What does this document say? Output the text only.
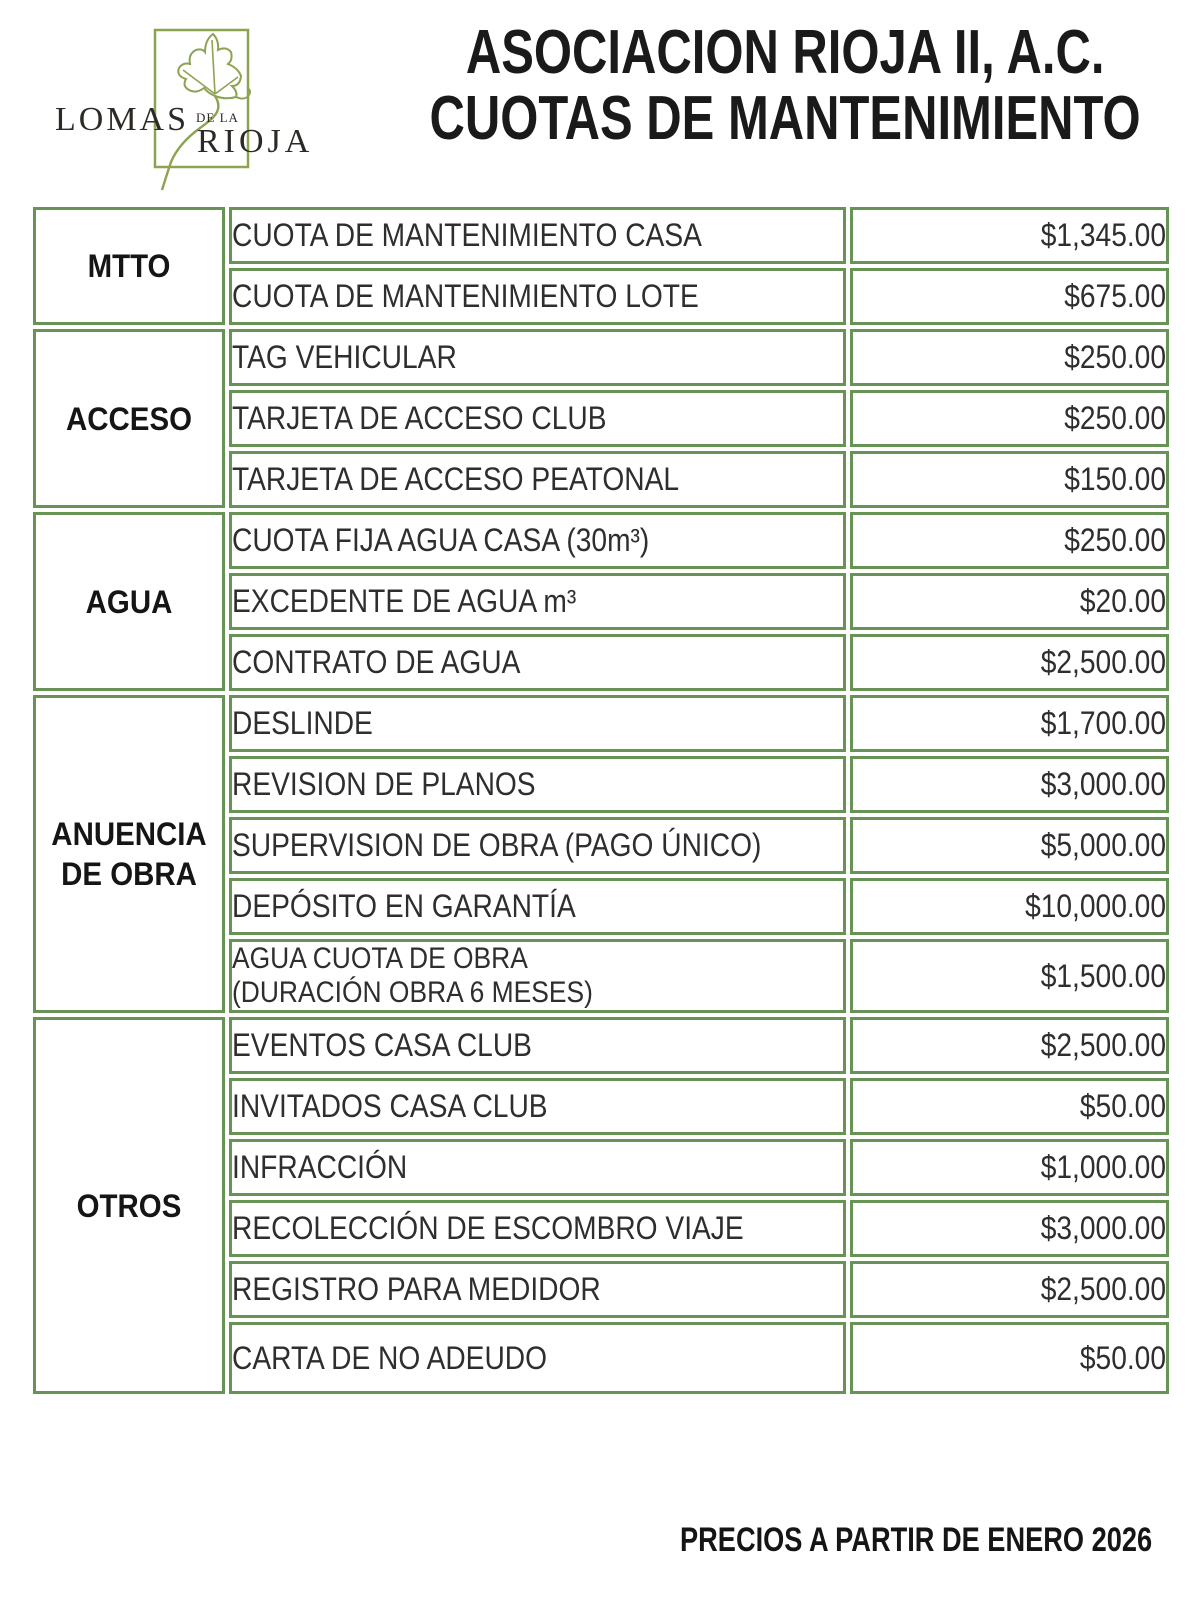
LOMAS DE LA
RIOJA
ASOCIACION RIOJA II, A.C.
CUOTAS DE MANTENIMIENTO
MTTO	CUOTA DE MANTENIMIENTO CASA	$1,345.00

	CUOTA DE MANTENIMIENTO LOTE	$675.00

ACCESO	TAG VEHICULAR	$250.00

	TARJETA DE ACCESO CLUB	$250.00

	TARJETA DE ACCESO PEATONAL	$150.00

AGUA	CUOTA FIJA AGUA CASA (30m³)	$250.00

	EXCEDENTE DE AGUA m³	$20.00

	CONTRATO DE AGUA	$2,500.00

ANUENCIA DE OBRA	DESLINDE	$1,700.00

	REVISION DE PLANOS	$3,000.00

	SUPERVISION DE OBRA (PAGO ÚNICO)	$5,000.00

	DEPÓSITO EN GARANTÍA	$10,000.00

	AGUA CUOTA DE OBRA
(DURACIÓN OBRA 6 MESES)	$1,500.00

OTROS	EVENTOS CASA CLUB	$2,500.00

	INVITADOS CASA CLUB	$50.00

	INFRACCIÓN	$1,000.00

	RECOLECCIÓN DE ESCOMBRO VIAJE	$3,000.00

	REGISTRO PARA MEDIDOR	$2,500.00

	CARTA DE NO ADEUDO	$50.00
PRECIOS A PARTIR DE ENERO 2026
